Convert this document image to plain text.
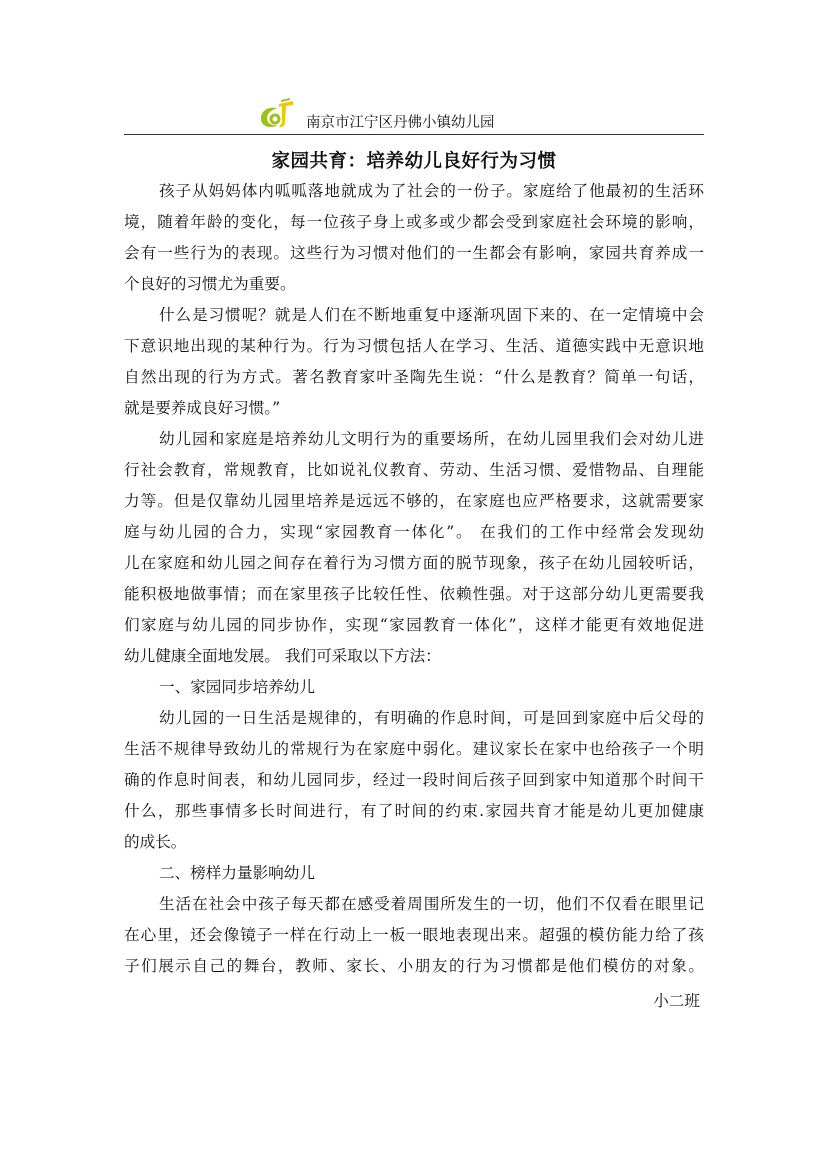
南京市江宁区丹佛小镇幼儿园
家园共育：培养幼儿良好行为习惯
孩子从妈妈体内呱呱落地就成为了社会的一份子。家庭给了他最初的生活环
境，随着年龄的变化，每一位孩子身上或多或少都会受到家庭社会环境的影响，
会有一些行为的表现。这些行为习惯对他们的一生都会有影响，家园共育养成一
个良好的习惯尤为重要。
什么是习惯呢？就是人们在不断地重复中逐渐巩固下来的、在一定情境中会
下意识地出现的某种行为。行为习惯包括人在学习、生活、道德实践中无意识地
自然出现的行为方式。著名教育家叶圣陶先生说：“什么是教育？简单一句话，
就是要养成良好习惯。”
幼儿园和家庭是培养幼儿文明行为的重要场所，在幼儿园里我们会对幼儿进
行社会教育，常规教育，比如说礼仪教育、劳动、生活习惯、爱惜物品、自理能
力等。但是仅靠幼儿园里培养是远远不够的，在家庭也应严格要求，这就需要家
庭与幼儿园的合力，实现“家园教育一体化”。 在我们的工作中经常会发现幼
儿在家庭和幼儿园之间存在着行为习惯方面的脱节现象，孩子在幼儿园较听话，
能积极地做事情；而在家里孩子比较任性、依赖性强。对于这部分幼儿更需要我
们家庭与幼儿园的同步协作，实现“家园教育一体化”，这样才能更有效地促进
幼儿健康全面地发展。 我们可采取以下方法：
一、家园同步培养幼儿
幼儿园的一日生活是规律的，有明确的作息时间，可是回到家庭中后父母的
生活不规律导致幼儿的常规行为在家庭中弱化。建议家长在家中也给孩子一个明
确的作息时间表，和幼儿园同步，经过一段时间后孩子回到家中知道那个时间干
什么，那些事情多长时间进行，有了时间的约束.家园共育才能是幼儿更加健康
的成长。
二、榜样力量影响幼儿
生活在社会中孩子每天都在感受着周围所发生的一切，他们不仅看在眼里记
在心里，还会像镜子一样在行动上一板一眼地表现出来。超强的模仿能力给了孩
子们展示自己的舞台，教师、家长、小朋友的行为习惯都是他们模仿的对象。
小二班
